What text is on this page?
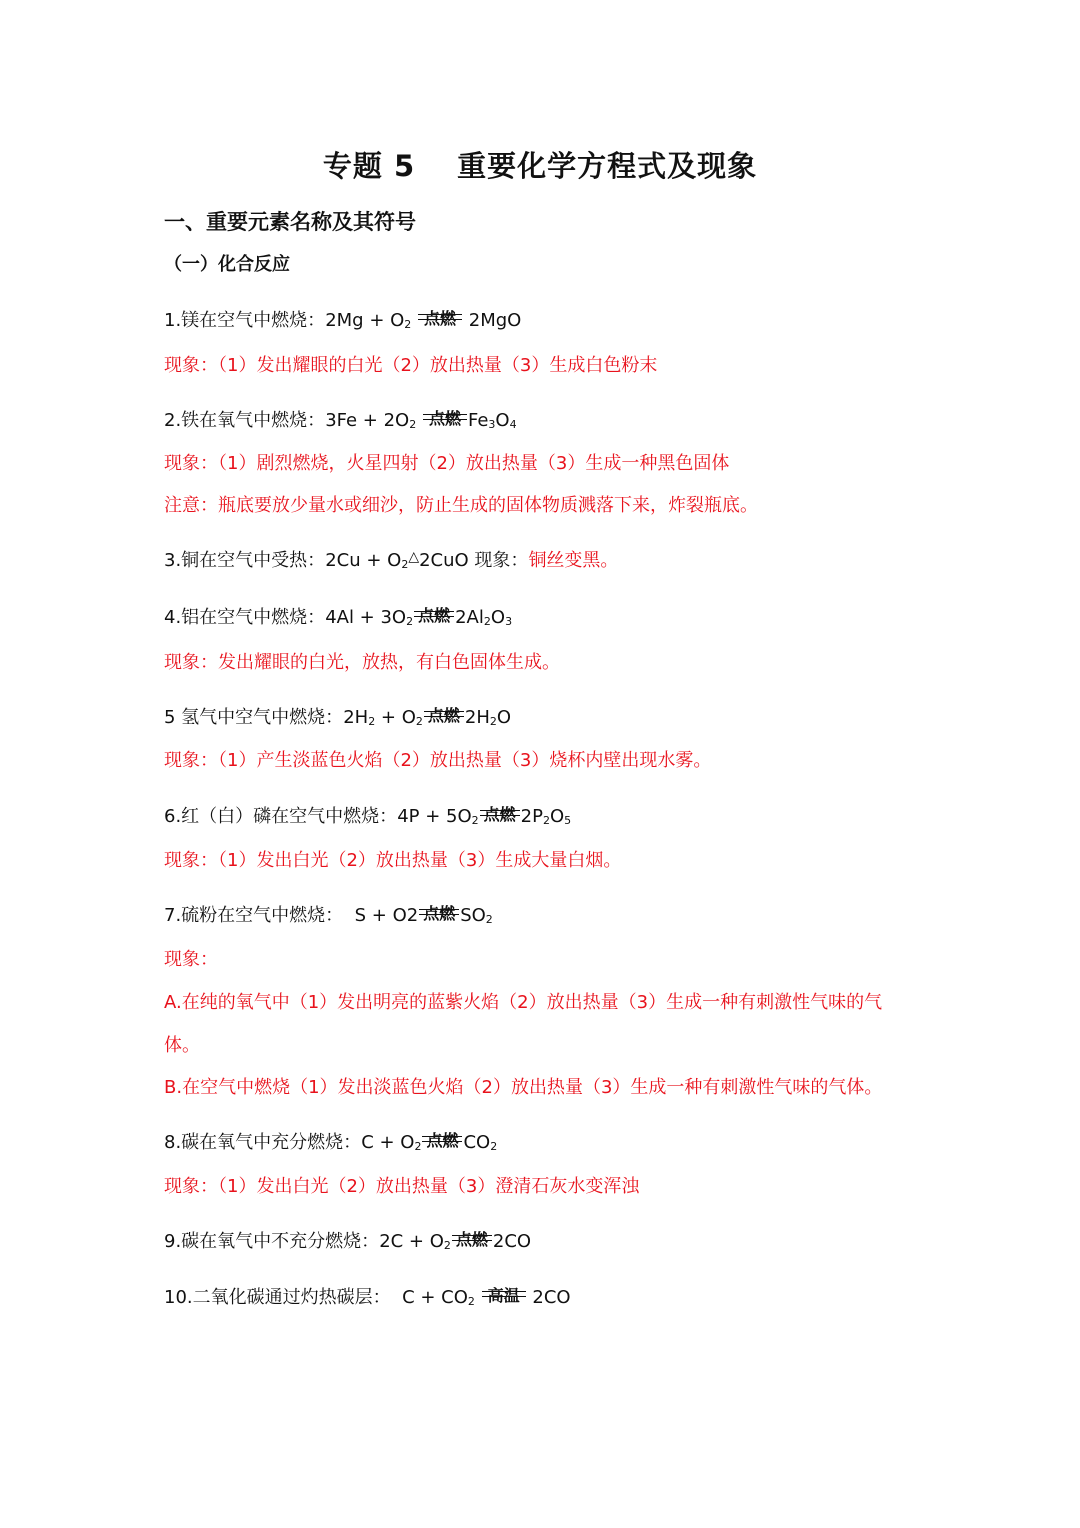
专题 5 重要化学方程式及现象
一、重要元素名称及其符号
（一）化合反应
1.镁在空气中燃烧：$2Mg + O_2$ 点燃 2MgO
现象：（1）发出耀眼的白光（2）放出热量（3）生成白色粉末
2.铁在氧气中燃烧：$3Fe + 2O_2$ 点燃 $Fe_3O_4$
现象：（1）剧烈燃烧，火星四射（2）放出热量（3）生成一种黑色固体
注意：瓶底要放少量水或细沙，防止生成的固体物质溅落下来，炸裂瓶底。
3.铜在空气中受热：$2Cu + O_2^\triangle 2CuO$ 现象：铜丝变黑。
4.铝在空气中燃烧：$4Al + 3O_2$ 点燃 $2Al_2O_3$
现象：发出耀眼的白光，放热，有白色固体生成。
5 氢气中空气中燃烧：$2H_2 + O_2$ 点燃 $2H_2O$
现象：（1）产生淡蓝色火焰（2）放出热量（3）烧杯内壁出现水雾。
6.红（白）磷在空气中燃烧：$4P + 5O_2$ 点燃 $2P_2O_5$
现象：（1）发出白光（2）放出热量（3）生成大量白烟。
7.硫粉在空气中燃烧：  S + O2 点燃 $SO_2$
现象：
A.在纯的氧气中（1）发出明亮的蓝紫火焰（2）放出热量（3）生成一种有刺激性气味的气
体。
B.在空气中燃烧（1）发出淡蓝色火焰（2）放出热量（3）生成一种有刺激性气味的气体。
8.碳在氧气中充分燃烧：$C + O_2$ 点燃 $CO_2$
现象：（1）发出白光（2）放出热量（3）澄清石灰水变浑浊
9.碳在氧气中不充分燃烧：$2C + O_2$ 点燃 2CO
10.二氧化碳通过灼热碳层：  $C + CO_2$ 高温 2CO
